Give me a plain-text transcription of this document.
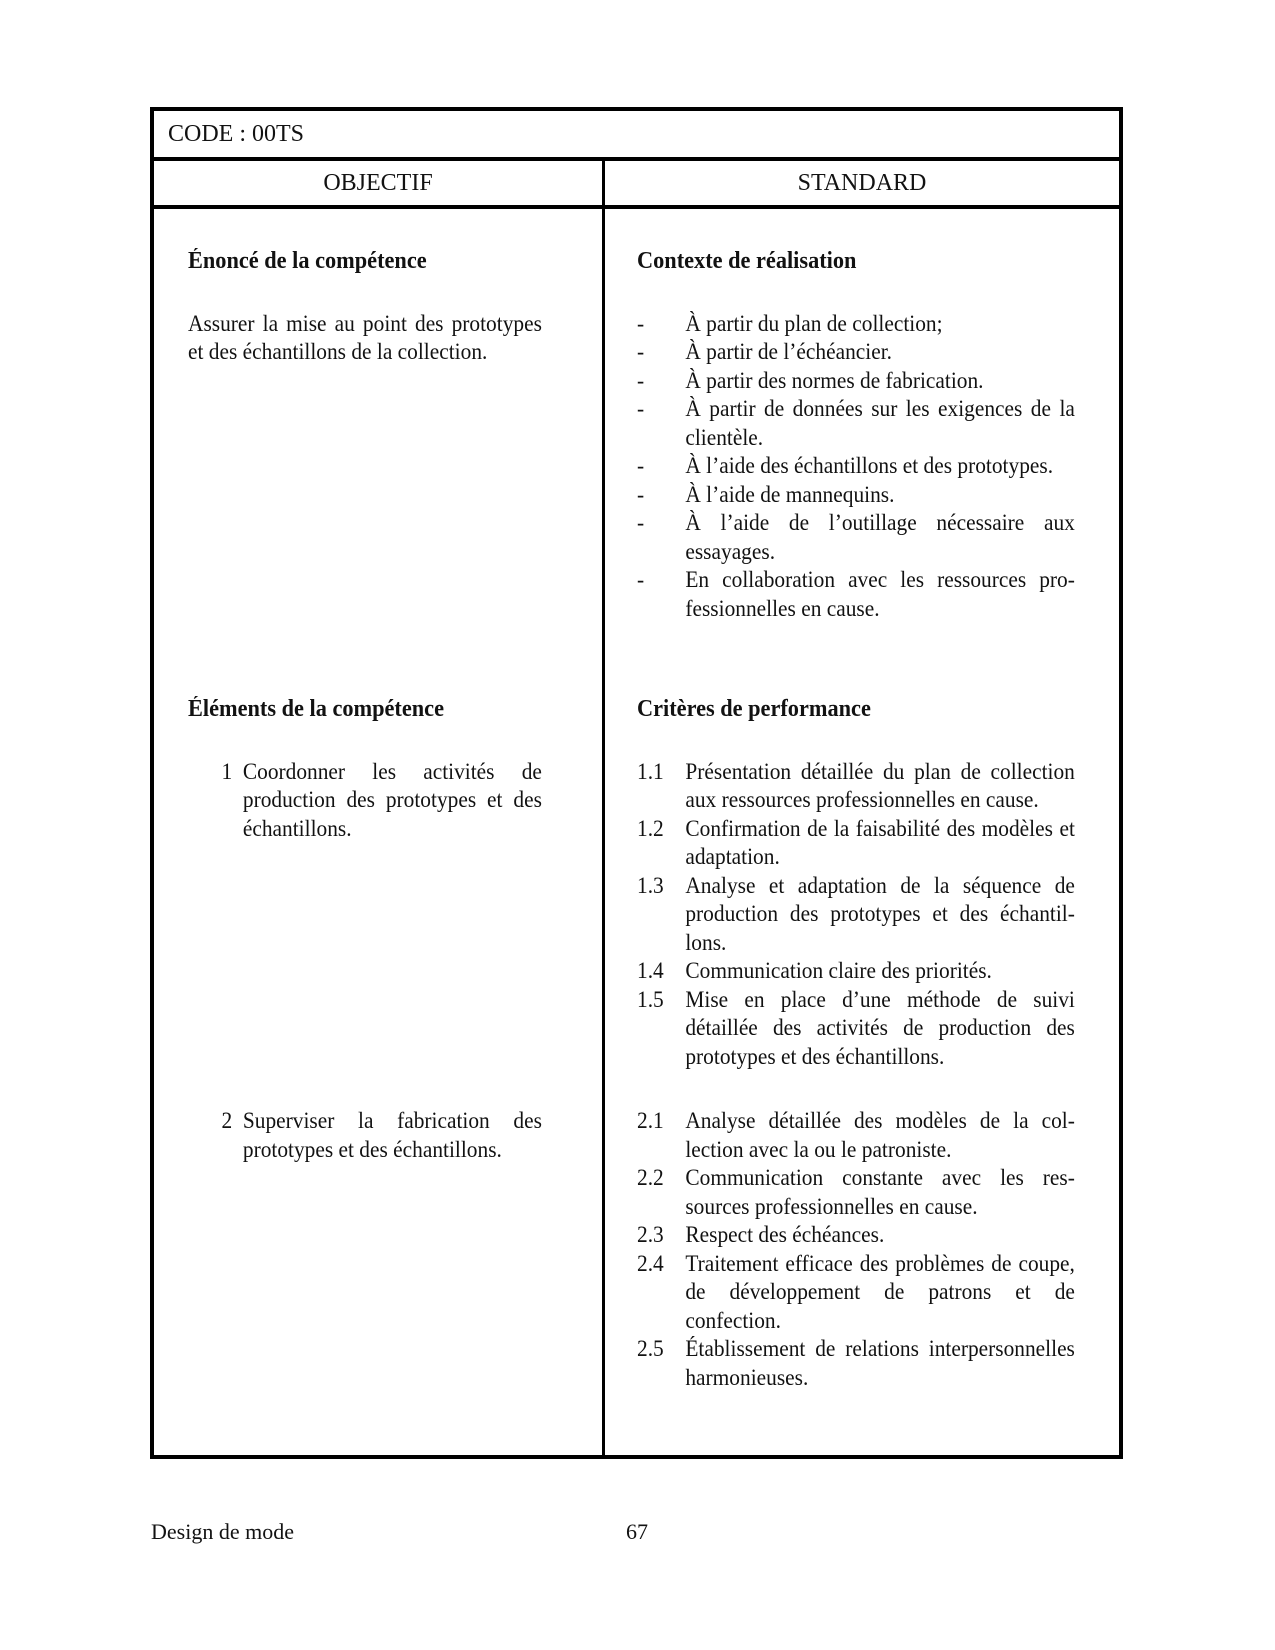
CODE : 00TS
OBJECTIF	STANDARD
Énoncé de la compétence

Assurer la mise au point des prototypes et des échantillons de la collection.

Contexte de réalisation
- À partir du plan de collection;
- À partir de l’échéancier.
- À partir des normes de fabrication.
- À partir de données sur les exigences de la clientèle.
- À l’aide des échantillons et des prototypes.
- À l’aide de mannequins.
- À l’aide de l’outillage nécessaire aux essayages.
- En collaboration avec les ressources professionnelles en cause.
Éléments de la compétence
1 Coordonner les activités de production des prototypes et des échantillons.
Critères de performance
1.1 Présentation détaillée du plan de collection aux ressources professionnelles en cause.
1.2 Confirmation de la faisabilité des modèles et adaptation.
1.3 Analyse et adaptation de la séquence de production des prototypes et des échantillons.
1.4 Communication claire des priorités.
1.5 Mise en place d’une méthode de suivi détaillée des activités de production des prototypes et des échantillons.
2 Superviser la fabrication des prototypes et des échantillons.
2.1 Analyse détaillée des modèles de la collection avec la ou le patroniste.
2.2 Communication constante avec les ressources professionnelles en cause.
2.3 Respect des échéances.
2.4 Traitement efficace des problèmes de coupe, de développement de patrons et de confection.
2.5 Établissement de relations interpersonnelles harmonieuses.
Design de mode	67
